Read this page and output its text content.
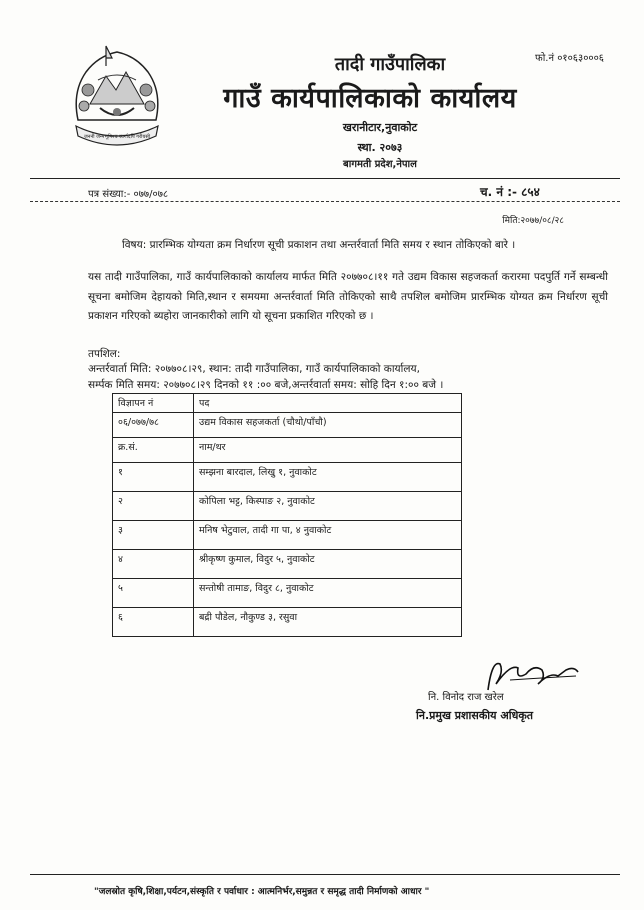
जननी जन्मभूमिश्च स्वर्गादपि गरीयसी
फो.नं ०१०६३०००६
तादी गाउँपालिका
गाउँ कार्यपालिकाको कार्यालय
खरानीटार,नुवाकोट
स्था. २०७३
बागमती प्रदेश,नेपाल
पत्र संख्या:- ०७७/०७८	च. नं :- ८५४
मिति:२०७७/०८/२८
विषय: प्रारम्भिक योग्यता क्रम निर्धारण सूची प्रकाशन तथा अन्तर्रवार्ता मिति समय र स्थान तोकिएको बारे ।
यस तादी गाउँपालिका, गाउँ कार्यपालिकाको कार्यालय मार्फत मिति २०७७०८।११ गते उद्यम विकास सहजकर्ता करारमा पदपुर्ति गर्ने सम्बन्धी सूचना बमोजिम देहायको मिति,स्थान र समयमा अन्तर्रवार्ता मिति तोकिएको साथै तपशिल बमोजिम प्रारम्भिक योग्यत क्रम निर्धारण सूची प्रकाशन गरिएको ब्यहोरा जानकारीको लागि यो सूचना प्रकाशित गरिएको छ ।
तपशिल:
अन्तर्रवार्ता मिति: २०७७०८।२९, स्थान: तादी गाउँपालिका, गाउँ कार्यपालिकाको कार्यालय,
सर्म्पक मिति समय: २०७७०८।२९ दिनको ११ :०० बजे,अन्तर्रवार्ता समय: सोहि दिन १:०० बजे ।
विज्ञापन नं	पद
०६/०७७/७८	उद्यम विकास सहजकर्ता (चौथो/पाँचौ)
क्र.सं.	नाम/थर
१	सम्झना बारदाल, लिखु १, नुवाकोट
२	कोपिला भट्ट, किस्पाङ २, नुवाकोट
३	मनिष भेटुवाल, तादी गा पा, ४ नुवाकोट
४	श्रीकृष्ण कुमाल, विदुर ५, नुवाकोट
५	सन्तोषी तामाङ, विदुर ८, नुवाकोट
६	बद्री पौडेल, नौकुण्ड ३, रसुवा
नि. विनोद राज खरेल
नि.प्रमुख प्रशासकीय अधिकृत
"जलस्रोत कृषि,शिक्षा,पर्यटन,संस्कृति र पर्वाधार : आत्मनिर्भर,समुन्नत र समृद्ध तादी निर्माणको आधार "
